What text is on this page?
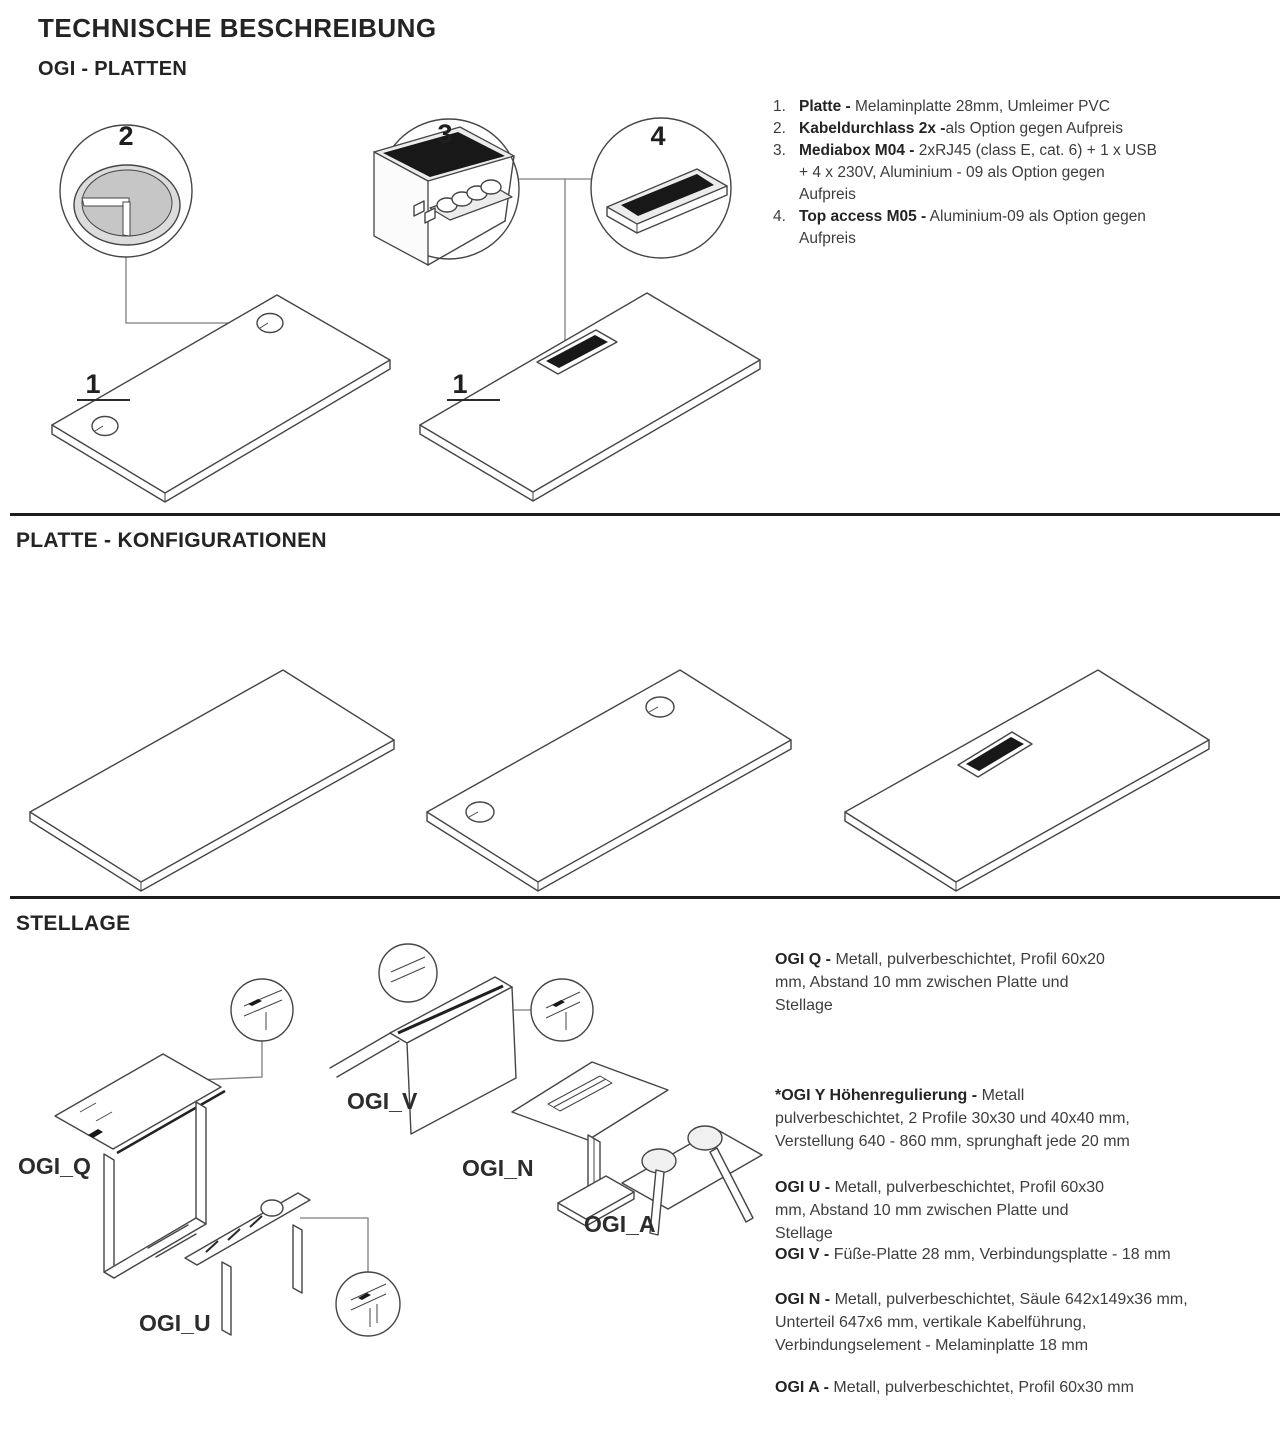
TECHNISCHE BESCHREIBUNG
OGI - PLATTEN
2	3	4
1	1
1. Platte - Melaminplatte 28mm, Umleimer PVC
2. Kabeldurchlass 2x -als Option gegen Aufpreis
3. Mediabox M04 - 2xRJ45 (class E, cat. 6) + 1 x USB
+ 4 x 230V, Aluminium - 09 als Option gegen
Aufpreis
4. Top access M05 - Aluminium-09 als Option gegen
Aufpreis
PLATTE - KONFIGURATIONEN
STELLAGE
OGI_Q
OGI_V
OGI_N
OGI_A
OGI_U
OGI Q - Metall, pulverbeschichtet, Profil 60x20
mm, Abstand 10 mm zwischen Platte und
Stellage
*OGI Y Höhenregulierung - Metall
pulverbeschichtet, 2 Profile 30x30 und 40x40 mm,
Verstellung 640 - 860 mm, sprunghaft jede 20 mm
OGI U - Metall, pulverbeschichtet, Profil 60x30
mm, Abstand 10 mm zwischen Platte und
Stellage
OGI V - Füße-Platte 28 mm, Verbindungsplatte - 18 mm
OGI N - Metall, pulverbeschichtet, Säule 642x149x36 mm,
Unterteil 647x6 mm, vertikale Kabelführung,
Verbindungselement - Melaminplatte 18 mm
OGI A - Metall, pulverbeschichtet, Profil 60x30 mm
